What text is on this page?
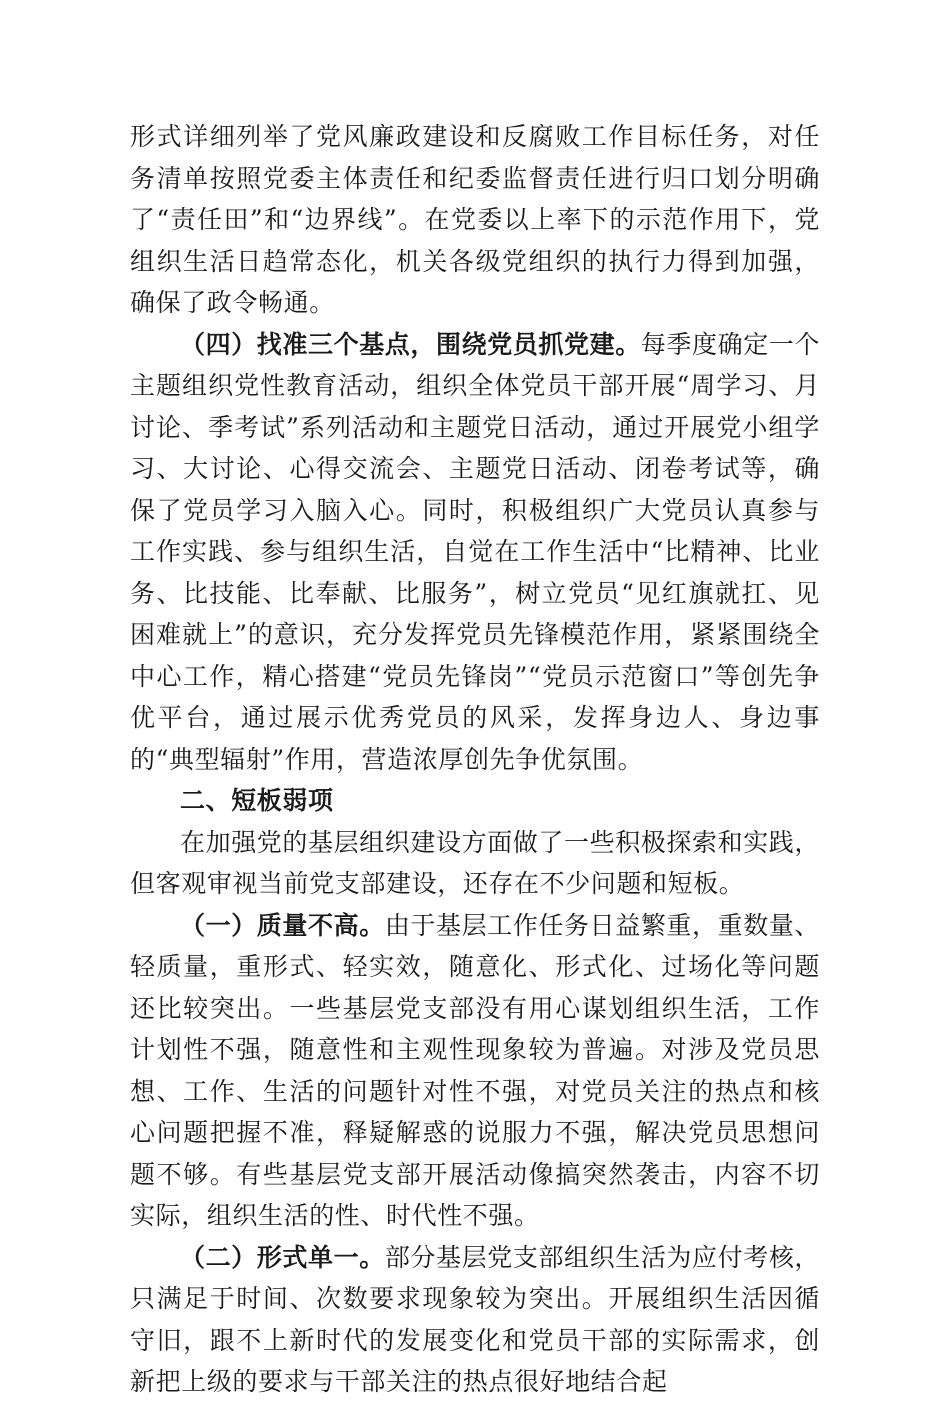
形式详细列举了党风廉政建设和反腐败工作目标任务，对任务清单按照党委主体责任和纪委监督责任进行归口划分明确了“责任田”和“边界线”。在党委以上率下的示范作用下，党组织生活日趋常态化，机关各级党组织的执行力得到加强，确保了政令畅通。

（四）找准三个基点，围绕党员抓党建。每季度确定一个主题组织党性教育活动，组织全体党员干部开展“周学习、月讨论、季考试”系列活动和主题党日活动，通过开展党小组学习、大讨论、心得交流会、主题党日活动、闭卷考试等，确保了党员学习入脑入心。同时，积极组织广大党员认真参与工作实践、参与组织生活，自觉在工作生活中“比精神、比业务、比技能、比奉献、比服务”，树立党员“见红旗就扛、见困难就上”的意识，充分发挥党员先锋模范作用，紧紧围绕全中心工作，精心搭建“党员先锋岗”“党员示范窗口”等创先争优平台，通过展示优秀党员的风采，发挥身边人、身边事的“典型辐射”作用，营造浓厚创先争优氛围。

二、短板弱项

在加强党的基层组织建设方面做了一些积极探索和实践，但客观审视当前党支部建设，还存在不少问题和短板。

（一）质量不高。由于基层工作任务日益繁重，重数量、轻质量，重形式、轻实效，随意化、形式化、过场化等问题还比较突出。一些基层党支部没有用心谋划组织生活，工作计划性不强，随意性和主观性现象较为普遍。对涉及党员思想、工作、生活的问题针对性不强，对党员关注的热点和核心问题把握不准，释疑解惑的说服力不强，解决党员思想问题不够。有些基层党支部开展活动像搞突然袭击，内容不切实际，组织生活的性、时代性不强。

（二）形式单一。部分基层党支部组织生活为应付考核，只满足于时间、次数要求现象较为突出。开展组织生活因循守旧，跟不上新时代的发展变化和党员干部的实际需求，创新把上级的要求与干部关注的热点很好地结合起
